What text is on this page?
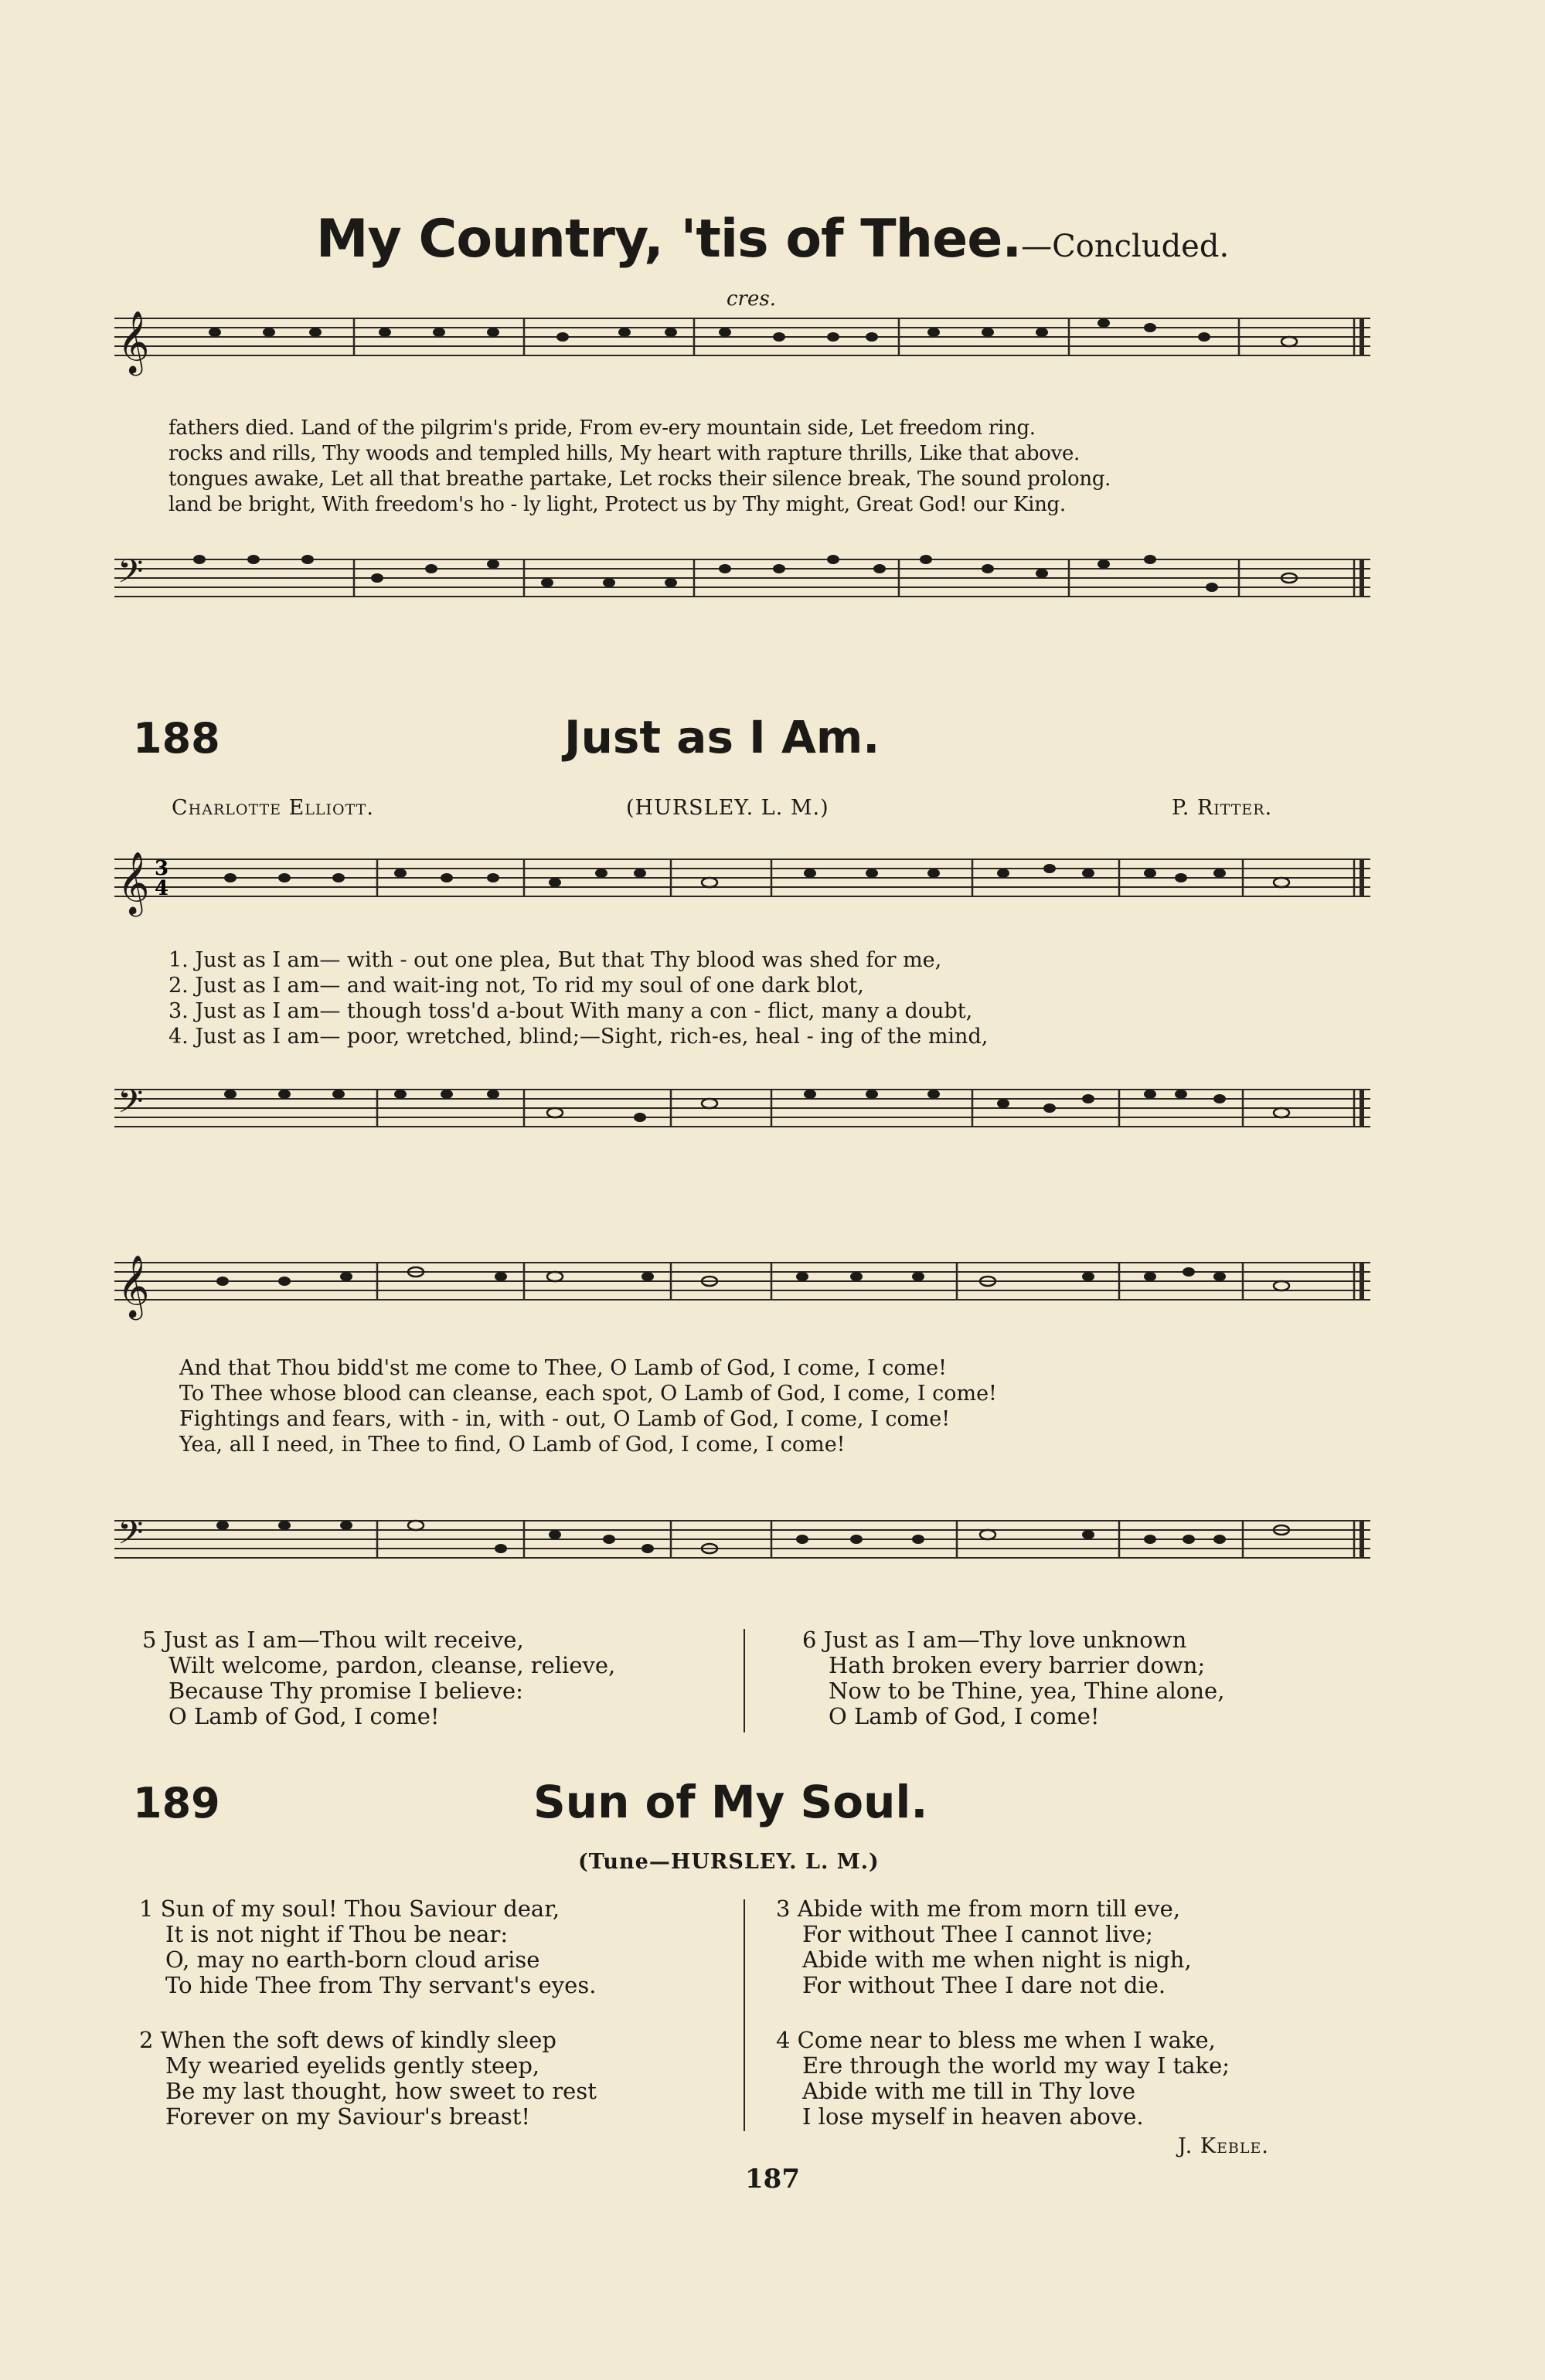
My Country, 'tis of Thee.—Concluded.
cres.
𝄞
fathers died. Land of the pilgrim's pride, From ev-ery mountain side, Let freedom ring.
rocks and rills, Thy woods and templed hills, My heart with rapture thrills, Like that above.
tongues awake, Let all that breathe partake, Let rocks their silence break, The sound prolong.
land be bright, With freedom's ho - ly light, Protect us by Thy might, Great God! our King.
𝄢
188	Just as I Am.
Charlotte Elliott.	(HURSLEY. L. M.)	P. Ritter.
𝄞 3
4
1. Just as I am— with - out one plea, But that Thy blood was shed for me,
2. Just as I am— and wait-ing not, To rid my soul of one dark blot,
3. Just as I am— though toss'd a-bout With many a con - flict, many a doubt,
4. Just as I am— poor, wretched, blind;—Sight, rich-es, heal - ing of the mind,
𝄢
𝄞
And that Thou bidd'st me come to Thee, O Lamb of God, I come, I come!
To Thee whose blood can cleanse, each spot, O Lamb of God, I come, I come!
Fightings and fears, with - in, with - out, O Lamb of God, I come, I come!
Yea, all I need, in Thee to find, O Lamb of God, I come, I come!
𝄢
5 Just as I am—Thou wilt receive,
Wilt welcome, pardon, cleanse, relieve,
Because Thy promise I believe:
O Lamb of God, I come!
6 Just as I am—Thy love unknown
Hath broken every barrier down;
Now to be Thine, yea, Thine alone,
O Lamb of God, I come!
189	Sun of My Soul.
(Tune—HURSLEY. L. M.)
1 Sun of my soul! Thou Saviour dear,
It is not night if Thou be near:
O, may no earth-born cloud arise
To hide Thee from Thy servant's eyes.
2 When the soft dews of kindly sleep
My wearied eyelids gently steep,
Be my last thought, how sweet to rest
Forever on my Saviour's breast!
3 Abide with me from morn till eve,
For without Thee I cannot live;
Abide with me when night is nigh,
For without Thee I dare not die.
4 Come near to bless me when I wake,
Ere through the world my way I take;
Abide with me till in Thy love
I lose myself in heaven above.
J. Keble.
187
